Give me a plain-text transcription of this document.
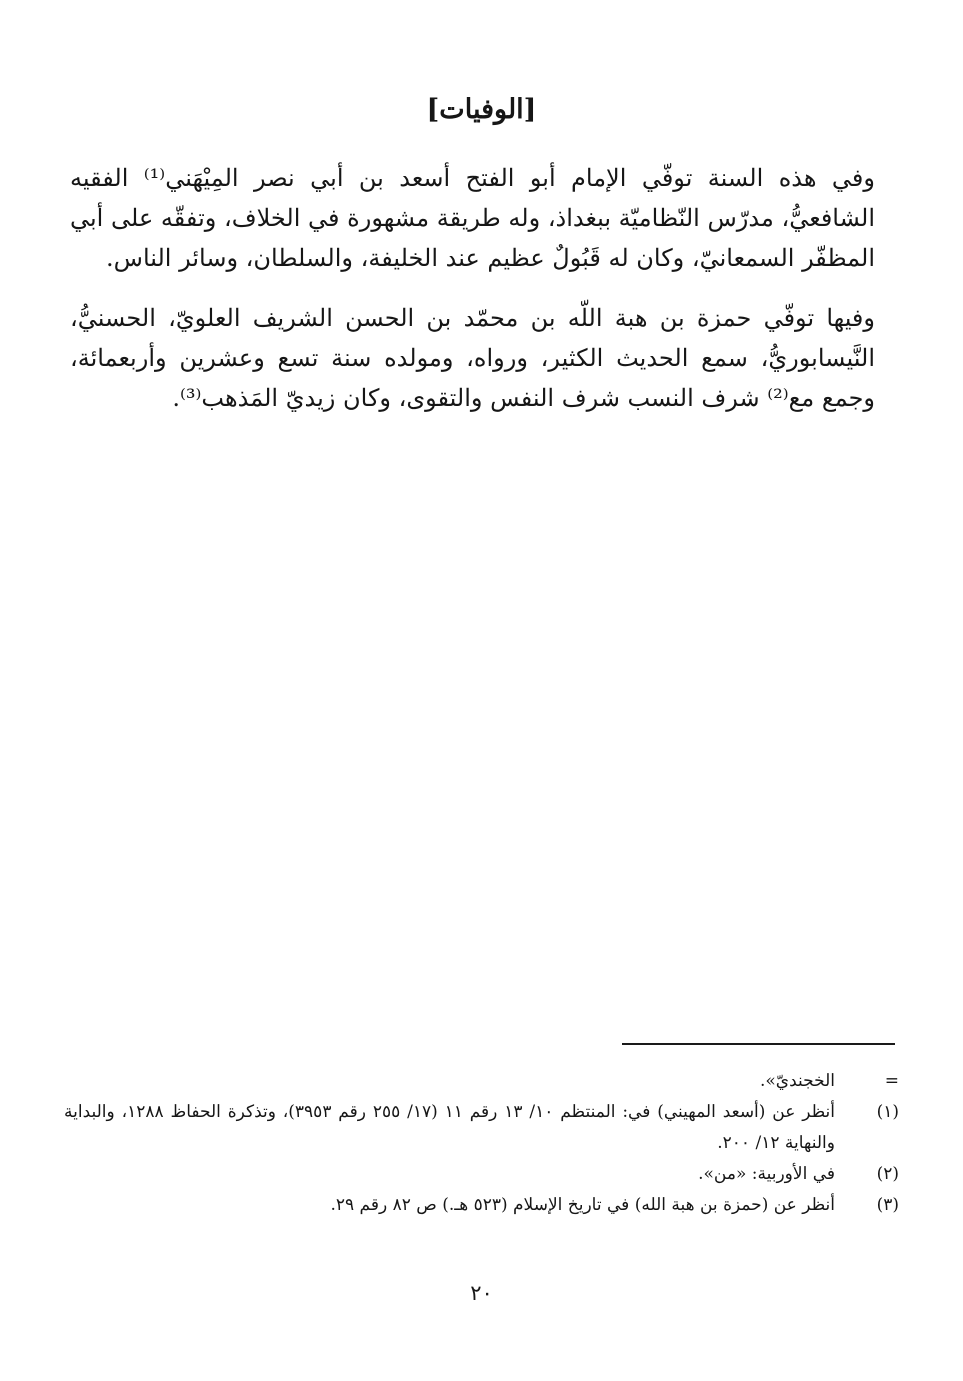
[الوفيات]
وفي هذه السنة توفّي الإمام أبو الفتح أسعد بن أبي نصر المِيْهَني⁽¹⁾ الفقيه الشافعيُّ، مدرّس النّظاميّة ببغداذ، وله طريقة مشهورة في الخلاف، وتفقّه على أبي المظفّر السمعانيّ، وكان له قَبُولٌ عظيم عند الخليفة، والسلطان، وسائر الناس.
وفيها توفّي حمزة بن هبة اللّه بن محمّد بن الحسن الشريف العلويّ، الحسنيُّ، النَّيسابوريُّ، سمع الحديث الكثير، ورواه، ومولده سنة تسع وعشرين وأربعمائة، وجمع مع⁽²⁾ شرف النسب شرف النفس والتقوى، وكان زيديّ المَذهب⁽³⁾.
=
الخجنديّ».
(١)
أنظر عن (أسعد المهيني) في: المنتظم ١٠/ ١٣ رقم ١١ (١٧/ ٢٥٥ رقم ٣٩٥٣)، وتذكرة الحفاظ ١٢٨٨، والبداية والنهاية ١٢/ ٢٠٠.
(٢)
في الأوربية: «من».
(٣)
أنظر عن (حمزة بن هبة الله) في تاريخ الإسلام (٥٢٣ هـ.) ص ٨٢ رقم ٢٩.
٢٠
